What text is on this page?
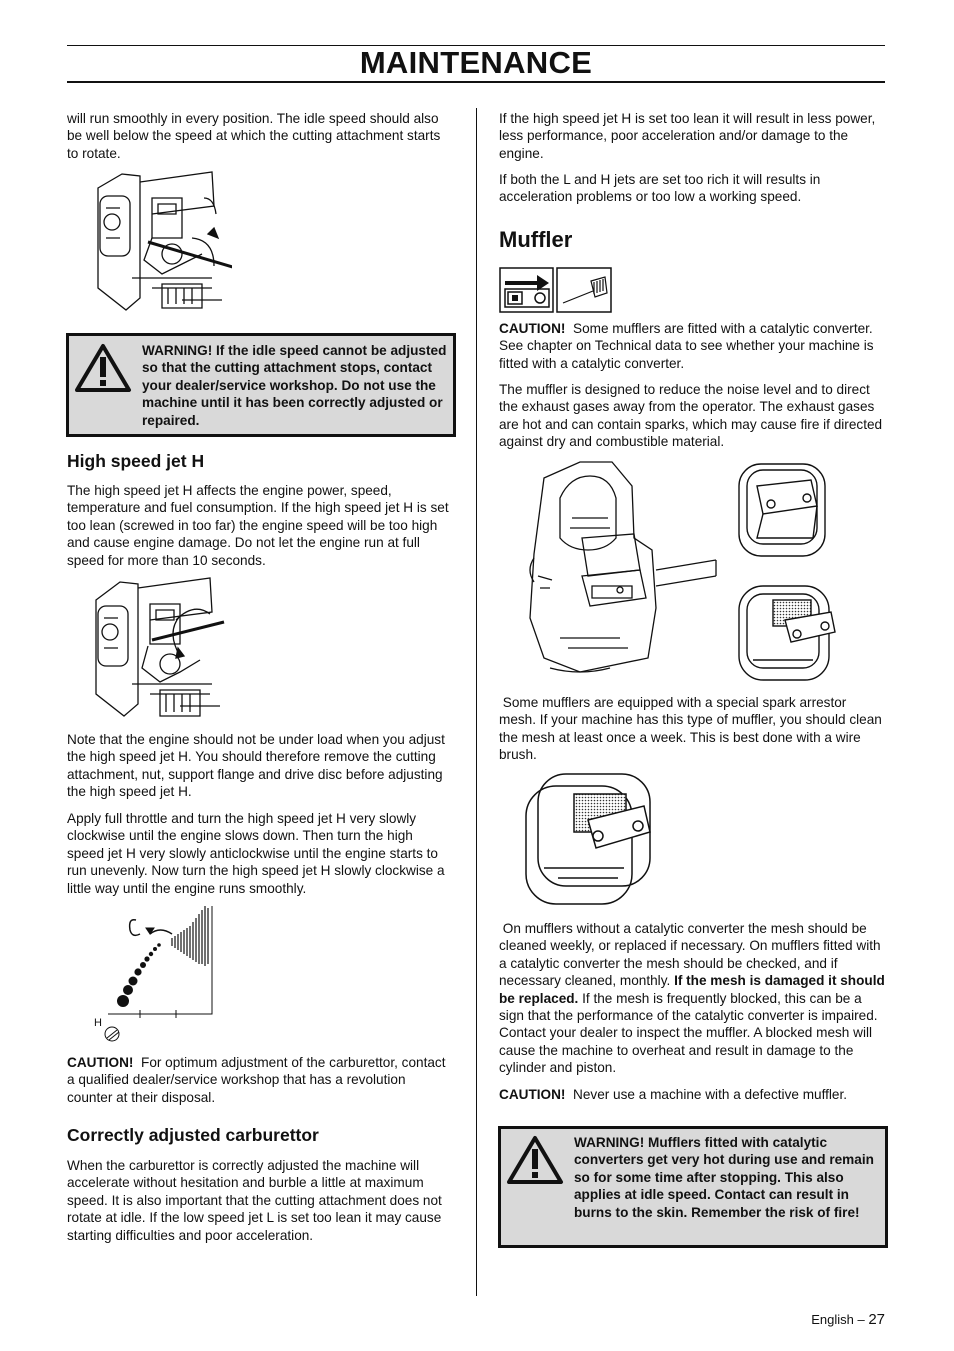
MAINTENANCE

will run smoothly in every position. The idle speed should also be well below the speed at which the cutting attachment starts to rotate.

WARNING! If the idle speed cannot be adjusted so that the cutting attachment stops, contact your dealer/service workshop. Do not use the machine until it has been correctly adjusted or repaired.
High speed jet H

The high speed jet H affects the engine power, speed, temperature and fuel consumption. If the high speed jet H is set too lean (screwed in too far) the engine speed will be too high and cause engine damage. Do not let the engine run at full speed for more than 10 seconds.

Note that the engine should not be under load when you adjust the high speed jet H. You should therefore remove the cutting attachment, nut, support flange and drive disc before adjusting the high speed jet H.

Apply full throttle and turn the high speed jet H very slowly clockwise until the engine slows down. Then turn the high speed jet H very slowly anticlockwise until the engine starts to run unevenly. Now turn the high speed jet H slowly clockwise a little way until the engine runs smoothly.

H

CAUTION! For optimum adjustment of the carburettor, contact a qualified dealer/service workshop that has a revolution counter at their disposal.

Correctly adjusted carburettor

When the carburettor is correctly adjusted the machine will accelerate without hesitation and burble a little at maximum speed. It is also important that the cutting attachment does not rotate at idle. If the low speed jet L is set too lean it may cause starting difficulties and poor acceleration.

If the high speed jet H is set too lean it will result in less power, less performance, poor acceleration and/or damage to the engine.

If both the L and H jets are set too rich it will results in acceleration problems or too low a working speed.

Muffler

CAUTION! Some mufflers are fitted with a catalytic converter. See chapter on Technical data to see whether your machine is fitted with a catalytic converter.

The muffler is designed to reduce the noise level and to direct the exhaust gases away from the operator. The exhaust gases are hot and can contain sparks, which may cause fire if directed against dry and combustible material.

Some mufflers are equipped with a special spark arrestor mesh. If your machine has this type of muffler, you should clean the mesh at least once a week. This is best done with a wire brush.

On mufflers without a catalytic converter the mesh should be cleaned weekly, or replaced if necessary. On mufflers fitted with a catalytic converter the mesh should be checked, and if necessary cleaned, monthly. If the mesh is damaged it should be replaced. If the mesh is frequently blocked, this can be a sign that the performance of the catalytic converter is impaired. Contact your dealer to inspect the muffler. A blocked mesh will cause the machine to overheat and result in damage to the cylinder and piston.

CAUTION! Never use a machine with a defective muffler.

WARNING! Mufflers fitted with catalytic converters get very hot during use and remain so for some time after stopping. This also applies at idle speed. Contact can result in burns to the skin. Remember the risk of fire!
English – 27
